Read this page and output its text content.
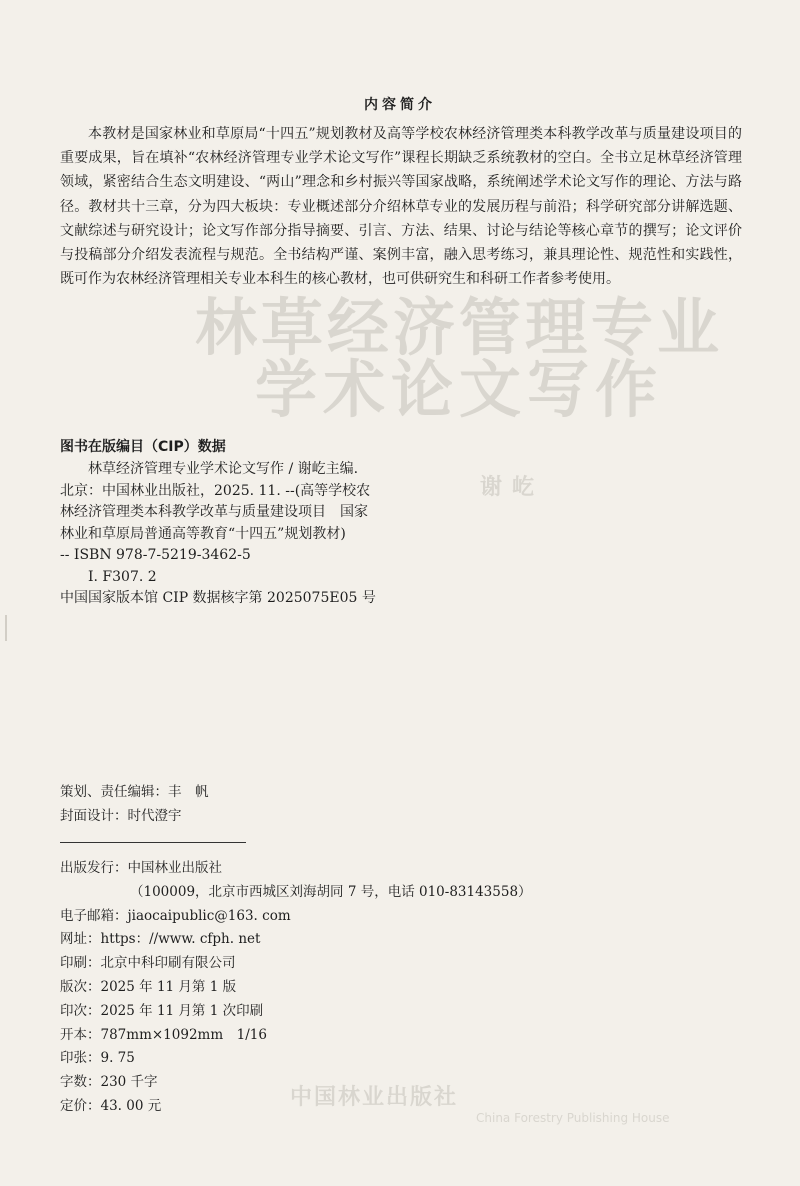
林草经济管理专业
学术论文写作
谢屹
中国林业出版社
China Forestry Publishing House
内容简介

本教材是国家林业和草原局“十四五”规划教材及高等学校农林经济管理类本科教学改革与质量建设项目的重要成果，旨在填补“农林经济管理专业学术论文写作”课程长期缺乏系统教材的空白。全书立足林草经济管理领域，紧密结合生态文明建设、“两山”理念和乡村振兴等国家战略，系统阐述学术论文写作的理论、方法与路径。教材共十三章，分为四大板块：专业概述部分介绍林草专业的发展历程与前沿；科学研究部分讲解选题、文献综述与研究设计；论文写作部分指导摘要、引言、方法、结果、讨论与结论等核心章节的撰写；论文评价与投稿部分介绍发表流程与规范。全书结构严谨、案例丰富，融入思考练习，兼具理论性、规范性和实践性，既可作为农林经济管理相关专业本科生的核心教材，也可供研究生和科研工作者参考使用。

图书在版编目（CIP）数据
林草经济管理专业学术论文写作 / 谢屹主编.
北京：中国林业出版社，2025. 11. --(高等学校农
林经济管理类本科教学改革与质量建设项目　国家
林业和草原局普通高等教育“十四五”规划教材)
-- ISBN 978-7-5219-3462-5
Ⅰ. F307. 2
中国国家版本馆 CIP 数据核字第 2025075E05 号
策划、责任编辑：丰　帆
封面设计：时代澄宇
出版发行：中国林业出版社
（100009，北京市西城区刘海胡同 7 号，电话 010-83143558）
电子邮箱：jiaocaipublic@163. com
网址：https：//www. cfph. net
印刷：北京中科印刷有限公司
版次：2025 年 11 月第 1 版
印次：2025 年 11 月第 1 次印刷
开本：787mm×1092mm　1/16
印张：9. 75
字数：230 千字
定价：43. 00 元
